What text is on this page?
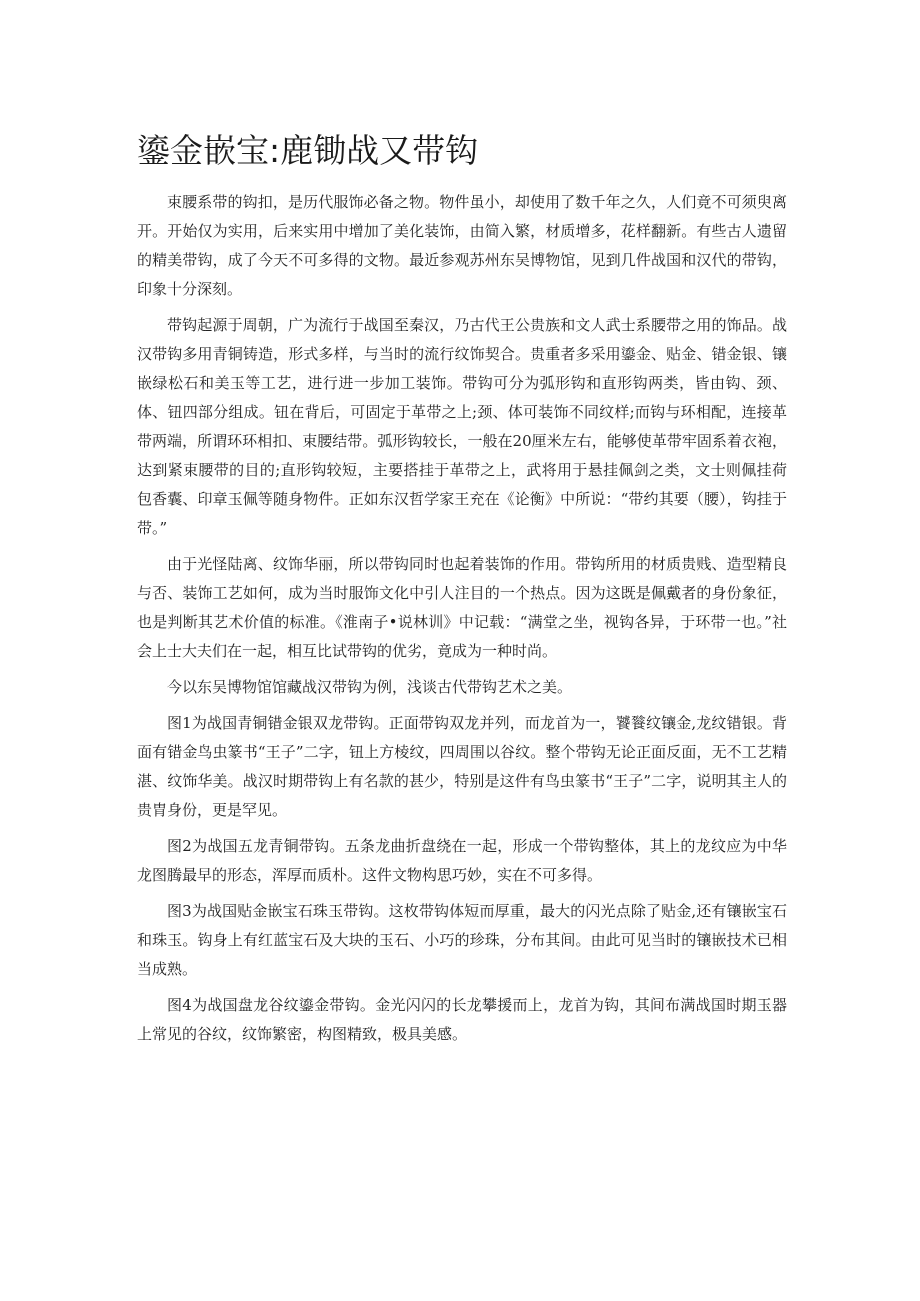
鎏金嵌宝:鹿锄战又带钩

束腰系带的钩扣，是历代服饰必备之物。物件虽小，却使用了数千年之久，人们竟不可须臾离开。开始仅为实用，后来实用中增加了美化装饰，由简入繁，材质增多，花样翻新。有些古人遗留的精美带钩，成了今天不可多得的文物。最近参观苏州东吴博物馆，见到几件战国和汉代的带钩，印象十分深刻。

带钩起源于周朝，广为流行于战国至秦汉，乃古代王公贵族和文人武士系腰带之用的饰品。战汉带钩多用青铜铸造，形式多样，与当时的流行纹饰契合。贵重者多采用鎏金、贴金、错金银、镶嵌绿松石和美玉等工艺，进行进一步加工装饰。带钩可分为弧形钩和直形钩两类，皆由钩、颈、体、钮四部分组成。钮在背后，可固定于革带之上;颈、体可装饰不同纹样;而钩与环相配，连接革带两端，所谓环环相扣、束腰结带。弧形钩较长，一般在20厘米左右，能够使革带牢固系着衣袍，达到紧束腰带的目的;直形钩较短，主要搭挂于革带之上，武将用于悬挂佩剑之类，文士则佩挂荷包香囊、印章玉佩等随身物件。正如东汉哲学家王充在《论衡》中所说：“带约其要（腰），钩挂于带。”

由于光怪陆离、纹饰华丽，所以带钩同时也起着装饰的作用。带钩所用的材质贵贱、造型精良与否、装饰工艺如何，成为当时服饰文化中引人注目的一个热点。因为这既是佩戴者的身份象征，也是判断其艺术价值的标准。《淮南子•说林训》中记载：“满堂之坐，视钩各异，于环带一也。”社会上士大夫们在一起，相互比试带钩的优劣，竟成为一种时尚。

今以东吴博物馆馆藏战汉带钩为例，浅谈古代带钩艺术之美。

图1为战国青铜错金银双龙带钩。正面带钩双龙并列，而龙首为一，饕餮纹镶金,龙纹错银。背面有错金鸟虫篆书“王子”二字，钮上方棱纹，四周围以谷纹。整个带钩无论正面反面，无不工艺精湛、纹饰华美。战汉时期带钩上有名款的甚少，特别是这件有鸟虫篆书“王子”二字，说明其主人的贵胄身份，更是罕见。

图2为战国五龙青铜带钩。五条龙曲折盘绕在一起，形成一个带钩整体，其上的龙纹应为中华龙图腾最早的形态，浑厚而质朴。这件文物构思巧妙，实在不可多得。

图3为战国贴金嵌宝石珠玉带钩。这枚带钩体短而厚重，最大的闪光点除了贴金,还有镶嵌宝石和珠玉。钩身上有红蓝宝石及大块的玉石、小巧的珍珠，分布其间。由此可见当时的镶嵌技术已相当成熟。

图4为战国盘龙谷纹鎏金带钩。金光闪闪的长龙攀援而上，龙首为钩，其间布满战国时期玉器上常见的谷纹，纹饰繁密，构图精致，极具美感。
